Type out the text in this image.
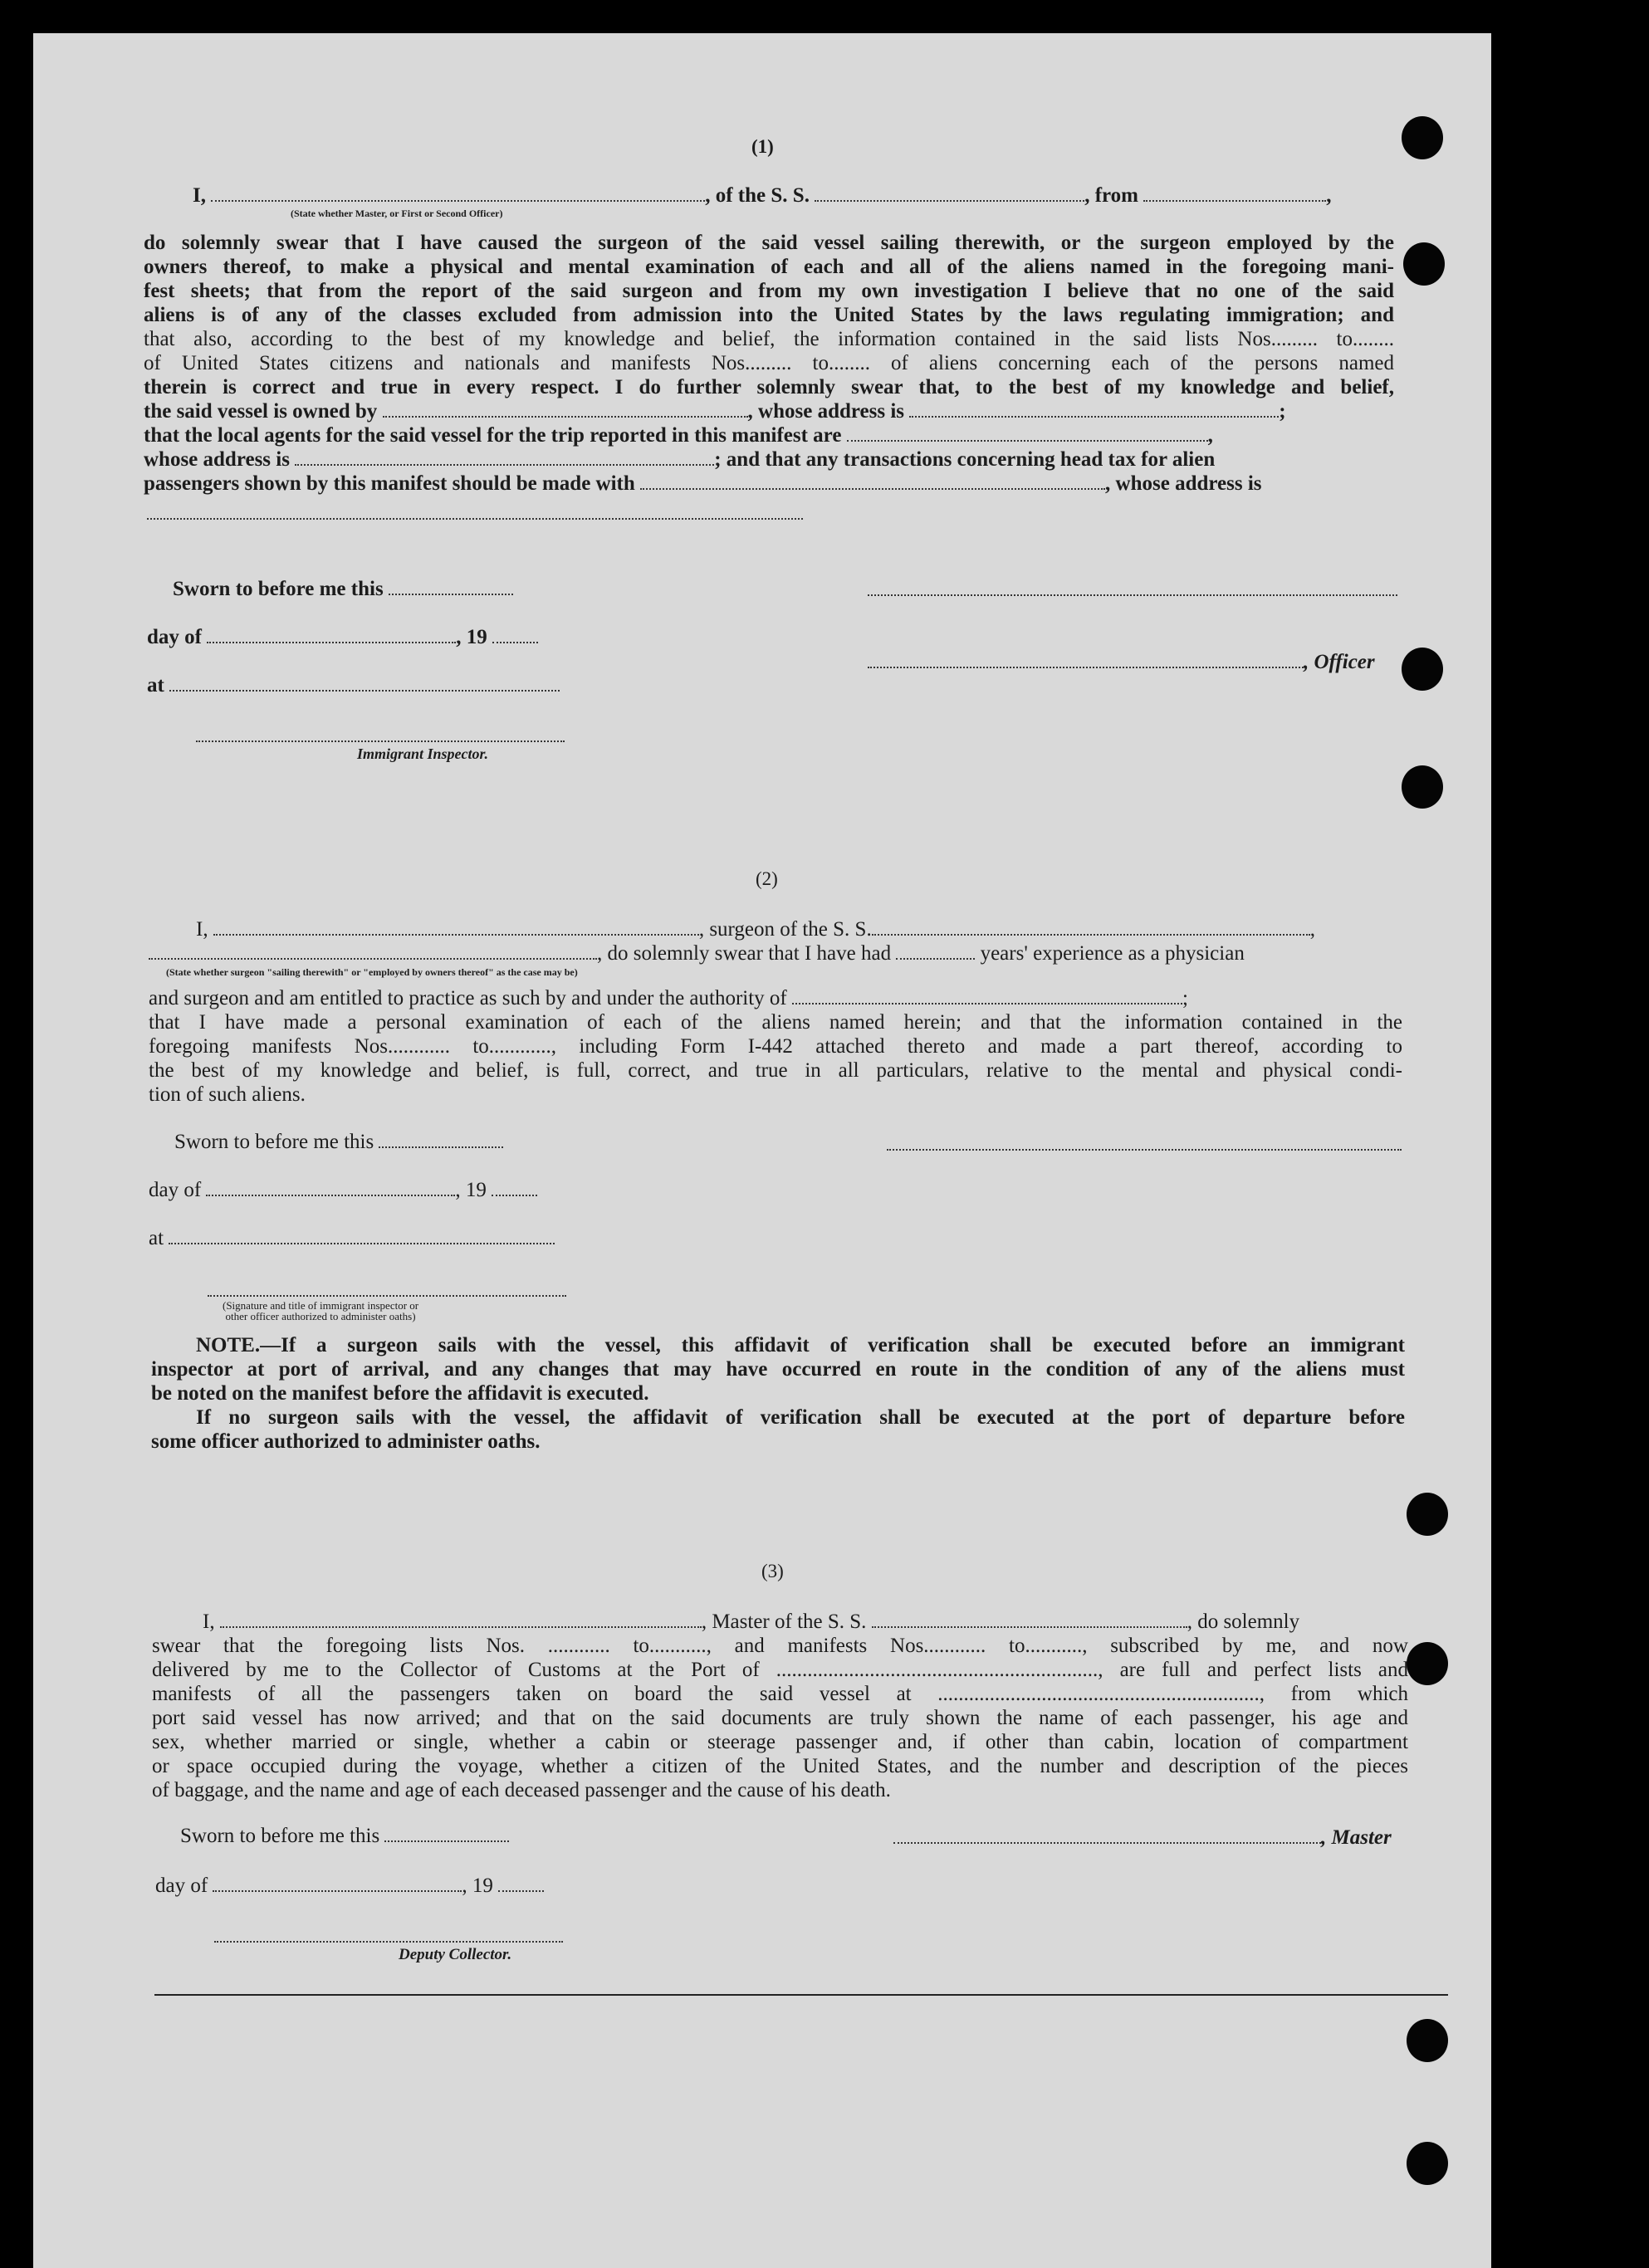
(1)
I,	, of the S. S.	, from	,
(State whether Master, or First or Second Officer)
do solemnly swear that I have caused the surgeon of the said vessel sailing therewith, or the surgeon employed by the
owners thereof, to make a physical and mental examination of each and all of the aliens named in the foregoing mani-
fest sheets; that from the report of the said surgeon and from my own investigation I believe that no one of the said
aliens is of any of the classes excluded from admission into the United States by the laws regulating immigration; and
that also, according to the best of my knowledge and belief, the information contained in the said lists Nos......... to........
of United States citizens and nationals and manifests Nos......... to........ of aliens concerning each of the persons named
therein is correct and true in every respect. I do further solemnly swear that, to the best of my knowledge and belief,
the said vessel is owned by	, whose address is	;
that the local agents for the said vessel for the trip reported in this manifest are	,
whose address is	; and that any transactions concerning head tax for alien
passengers shown by this manifest should be made with	, whose address is
Sworn to before me this
day of	, 19
, Officer
at
Immigrant Inspector.
(2)
I,	, surgeon of the S. S.	,
, do solemnly swear that I have had	years' experience as a physician
(State whether surgeon "sailing therewith" or "employed by owners thereof" as the case may be)
and surgeon and am entitled to practice as such by and under the authority of	;
that I have made a personal examination of each of the aliens named herein; and that the information contained in the
foregoing manifests Nos............ to............, including Form I-442 attached thereto and made a part thereof, according to
the best of my knowledge and belief, is full, correct, and true in all particulars, relative to the mental and physical condi-
tion of such aliens.
Sworn to before me this
day of	, 19
at
(Signature and title of immigrant inspector or
other officer authorized to administer oaths)
NOTE.—If a surgeon sails with the vessel, this affidavit of verification shall be executed before an immigrant
inspector at port of arrival, and any changes that may have occurred en route in the condition of any of the aliens must
be noted on the manifest before the affidavit is executed.
If no surgeon sails with the vessel, the affidavit of verification shall be executed at the port of departure before
some officer authorized to administer oaths.
(3)
I,	, Master of the S. S.	, do solemnly
swear that the foregoing lists Nos. ............ to..........., and manifests Nos............ to..........., subscribed by me, and now
delivered by me to the Collector of Customs at the Port of .............................................................., are full and perfect lists and
manifests of all the passengers taken on board the said vessel at .............................................................., from which
port said vessel has now arrived; and that on the said documents are truly shown the name of each passenger, his age and
sex, whether married or single, whether a cabin or steerage passenger and, if other than cabin, location of compartment
or space occupied during the voyage, whether a citizen of the United States, and the number and description of the pieces
of baggage, and the name and age of each deceased passenger and the cause of his death.
Sworn to before me this	, Master
day of	, 19
Deputy Collector.
